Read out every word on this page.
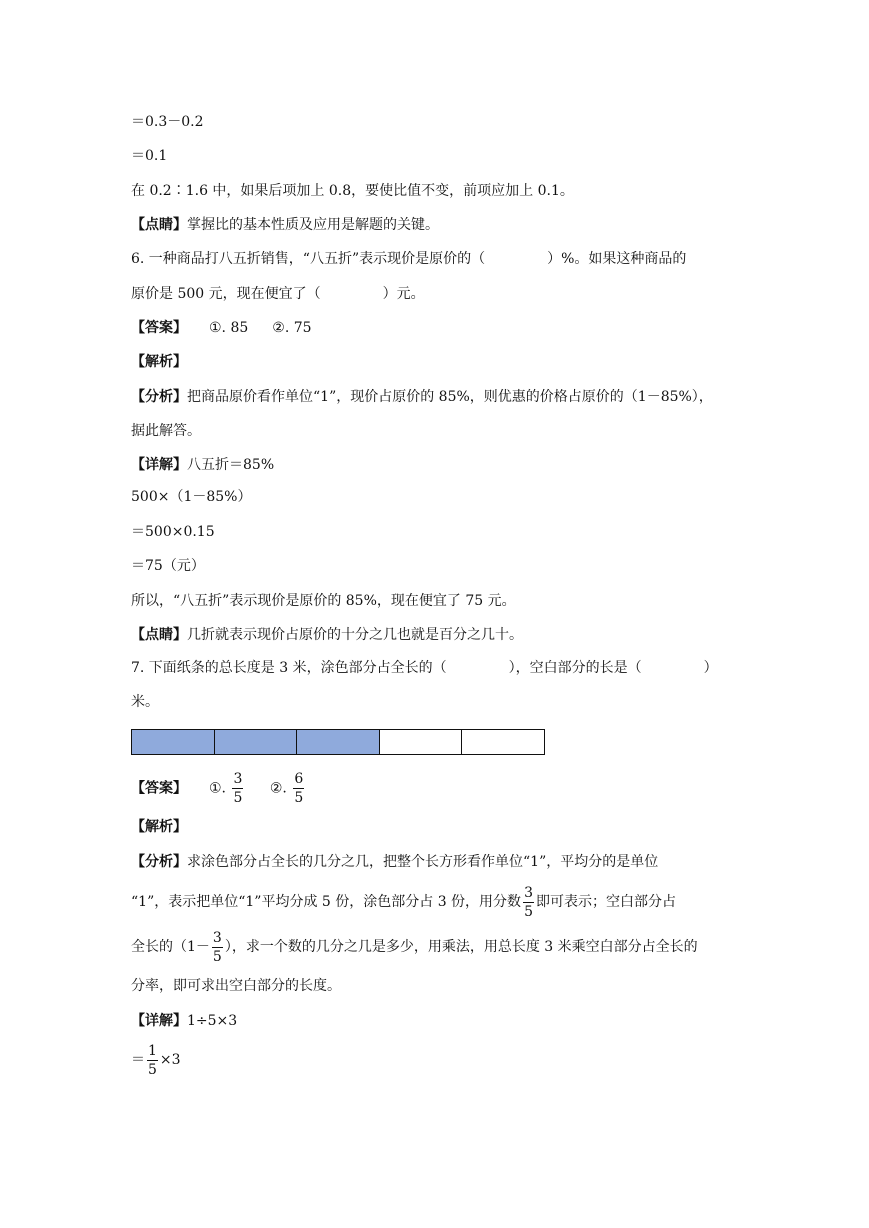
＝0.3－0.2
＝0.1
在 0.2∶1.6 中，如果后项加上 0.8，要使比值不变，前项应加上 0.1。
【点睛】掌握比的基本性质及应用是解题的关键。
6. 一种商品打八五折销售，“八五折”表示现价是原价的（	）%。如果这种商品的
原价是 500 元，现在便宜了（	）元。
【答案】 ①. 85 ②. 75
【解析】
【分析】把商品原价看作单位“1”，现价占原价的 85%，则优惠的价格占原价的（1－85%），
据此解答。
【详解】八五折＝85%
500×（1－85%）
＝500×0.15
＝75（元）
所以，“八五折”表示现价是原价的 85%，现在便宜了 75 元。
【点睛】几折就表示现价占原价的十分之几也就是百分之几十。
7. 下面纸条的总长度是 3 米，涂色部分占全长的（	），空白部分的长是（	）
米。
【答案】 ①. $\frac{3}{5}$ ②. $\frac{6}{5}$
【解析】
【分析】求涂色部分占全长的几分之几，把整个长方形看作单位“1”，平均分的是单位
“1”，表示把单位“1”平均分成 5 份，涂色部分占 3 份，用分数 $\frac{3}{5}$ 即可表示；空白部分占
全长的（$1- \frac{3}{5}$ ），求一个数的几分之几是多少，用乘法，用总长度 3 米乘空白部分占全长的
分率，即可求出空白部分的长度。
【详解】1÷5×3
＝ $\frac{1}{5} \times 3$
